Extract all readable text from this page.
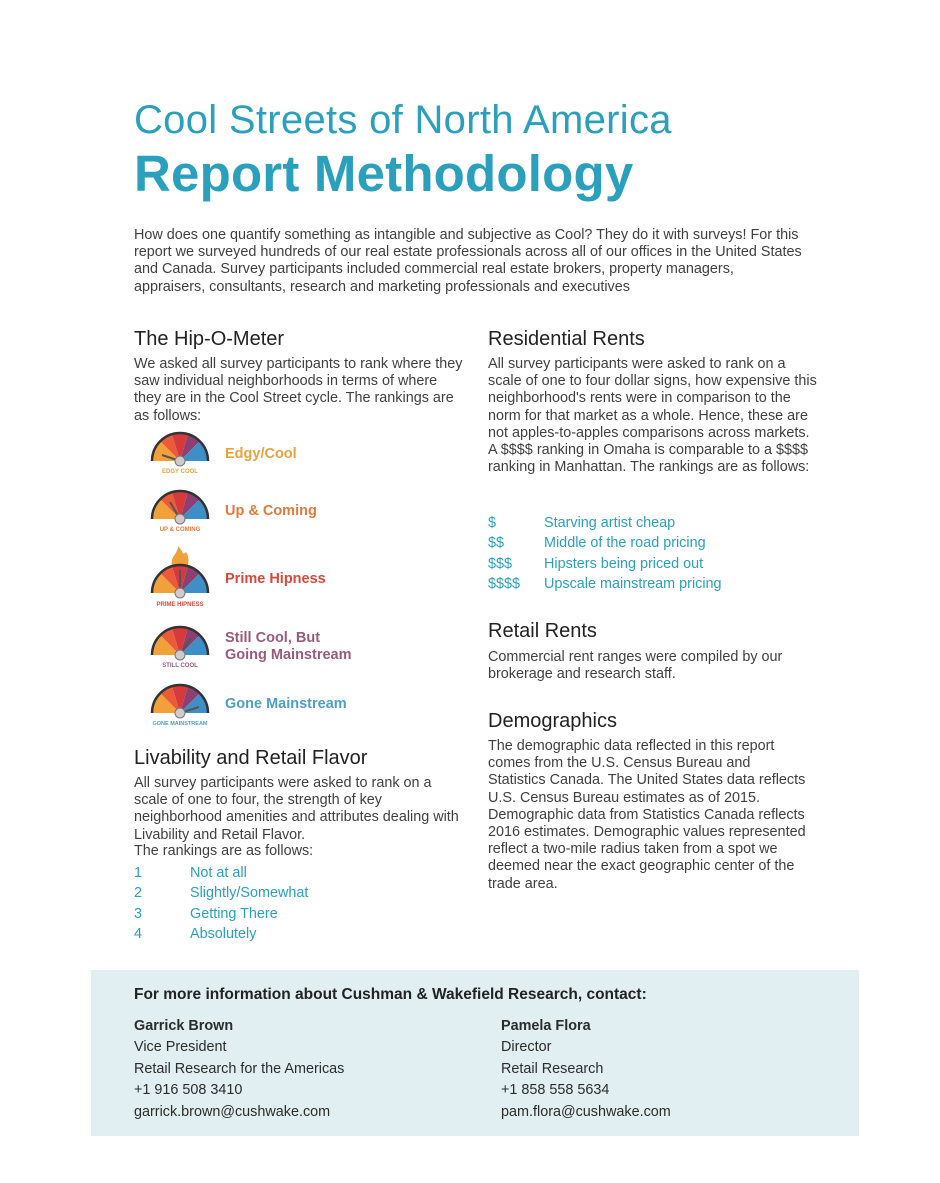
Cool Streets of North America
Report Methodology
How does one quantify something as intangible and subjective as Cool? They do it with surveys! For this report we surveyed hundreds of our real estate professionals across all of our offices in the United States and Canada. Survey participants included commercial real estate brokers, property managers, appraisers, consultants, research and marketing professionals and executives
The Hip-O-Meter
We asked all survey participants to rank where they saw individual neighborhoods in terms of where they are in the Cool Street cycle. The rankings are as follows:
EDGY COOL
Edgy/Cool
UP & COMING
Up & Coming
PRIME HIPNESS
Prime Hipness
STILL COOL
Still Cool, But
Going Mainstream
GONE MAINSTREAM
Gone Mainstream
Livability and Retail Flavor
All survey participants were asked to rank on a scale of one to four, the strength of key neighborhood amenities and attributes dealing with Livability and Retail Flavor.
The rankings are as follows:
1	Not at all
2	Slightly/Somewhat
3	Getting There
4	Absolutely
Residential Rents
All survey participants were asked to rank on a scale of one to four dollar signs, how expensive this neighborhood's rents were in comparison to the norm for that market as a whole. Hence, these are not apples-to-apples comparisons across markets. A $$$$ ranking in Omaha is comparable to a $$$$ ranking in Manhattan. The rankings are as follows:
$	Starving artist cheap
$$	Middle of the road pricing
$$$ Hipsters being priced out
$$$$ Upscale mainstream pricing
Retail Rents
Commercial rent ranges were compiled by our brokerage and research staff.
Demographics
The demographic data reflected in this report comes from the U.S. Census Bureau and Statistics Canada. The United States data reflects U.S. Census Bureau estimates as of 2015. Demographic data from Statistics Canada reflects 2016 estimates. Demographic values represented reflect a two-mile radius taken from a spot we deemed near the exact geographic center of the trade area.
For more information about Cushman & Wakefield Research, contact:
Garrick Brown
Vice President
Retail Research for the Americas
+1 916 508 3410
garrick.brown@cushwake.com
Pamela Flora
Director
Retail Research
+1 858 558 5634
pam.flora@cushwake.com
